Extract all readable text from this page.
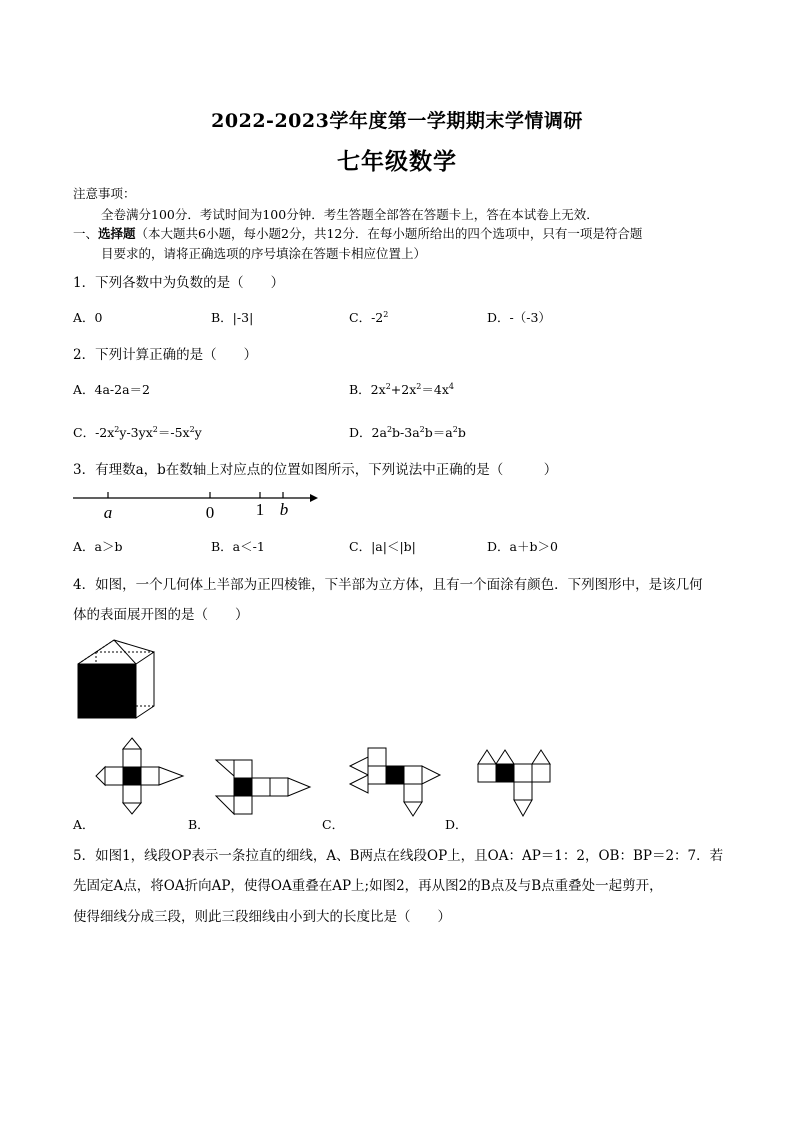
2022-2023学年度第一学期期末学情调研
七年级数学
注意事项：
全卷满分100分．考试时间为100分钟．考生答题全部答在答题卡上，答在本试卷上无效．
一、选择题（本大题共6小题，每小题2分，共12分．在每小题所给出的四个选项中，只有一项是符合题
目要求的，请将正确选项的序号填涂在答题卡相应位置上）
1．下列各数中为负数的是（　　）
A．0	B．|-3|	C．$-2^2$	D．-（-3）
2．下列计算正确的是（　　）
A．4a-2a＝2	B．$2x^2+2x^2=4x^4$
C．$-2x^2y-3yx^2=-5x^2y$	D．$2a^2b-3a^2b=a^2b$
3．有理数a，b在数轴上对应点的位置如图所示，下列说法中正确的是（　　　）
a	0 1 b
A．a＞b	B．a＜-1	C．|a|＜|b|	D．a＋b＞0
4．如图，一个几何体上半部为正四棱锥，下半部为立方体，且有一个面涂有颜色．下列图形中，是该几何
体的表面展开图的是（　　）
A．	B．	C．	D．
5．如图1，线段OP表示一条拉直的细线，A、B两点在线段OP上，且OA：AP＝1：2，OB：BP＝2：7．若
先固定A点，将OA折向AP，使得OA重叠在AP上;如图2，再从图2的B点及与B点重叠处一起剪开，
使得细线分成三段，则此三段细线由小到大的长度比是（　　）
